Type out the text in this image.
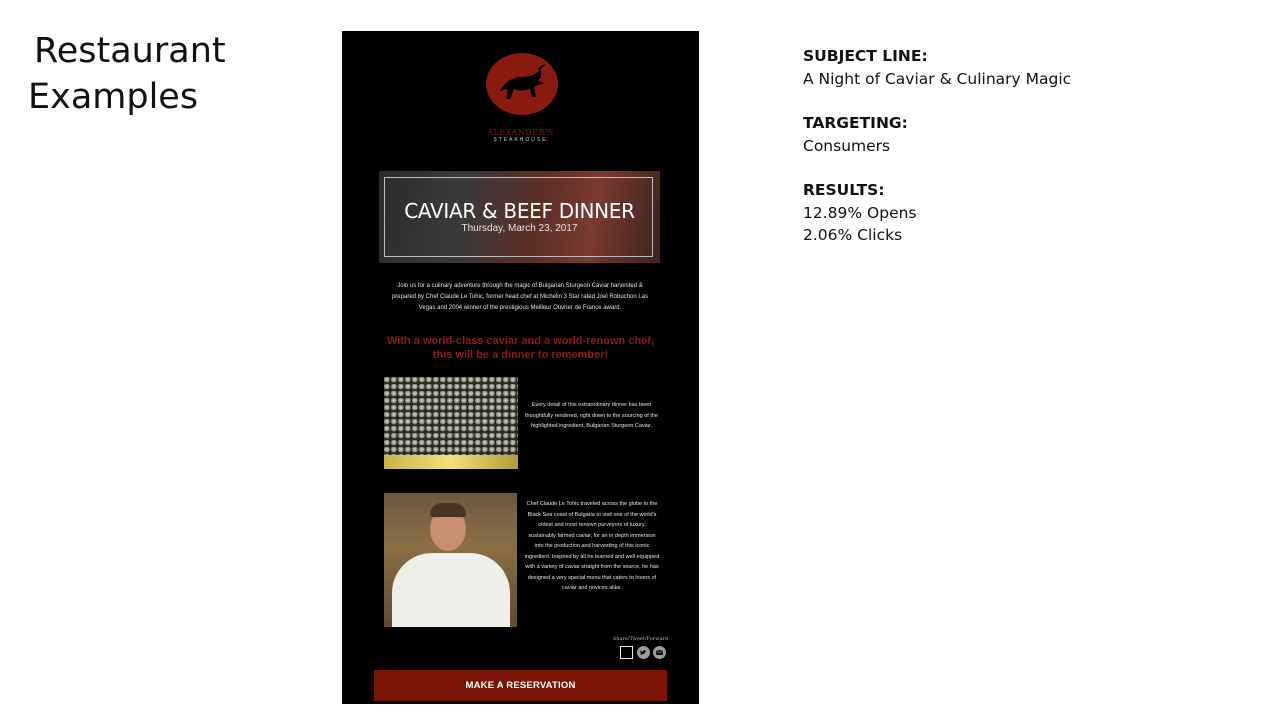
Restaurant
Examples
ALEXANDER'S
STEAKHOUSE
CAVIAR & BEEF DINNER
Thursday, March 23, 2017
Join us for a culinary adventure through the magic of Bulgarian Sturgeon Caviar harvested & prepared by Chef Claude Le Tohic, former head chef at Michelin 3 Star rated Joel Robuchon Las Vegas and 2004 winner of the prestigious Meilleur Ouvrier de France award.
With a world-class caviar and a world-renown chef, this will be a dinner to remember!
Every detail of this extraordinary dinner has been thoughtfully rendered, right down to the sourcing of the highlighted ingredient, Bulgarian Sturgeon Caviar.
Chef Claude Le Tohic traveled across the globe to the Black Sea coast of Bulgaria to visit one of the world's oldest and most renown purveyors of luxury, sustainably farmed caviar, for an in depth immersion into the production and harvesting of this iconic ingredient. Inspired by all he learned and well equipped with a variety of caviar straight from the source, he has designed a very special menu that caters to lovers of caviar and novices alike.
Share/Tweet/Forward
MAKE A RESERVATION
SUBJECT LINE:
A Night of Caviar & Culinary Magic
TARGETING:
Consumers
RESULTS:
12.89% Opens
2.06% Clicks
